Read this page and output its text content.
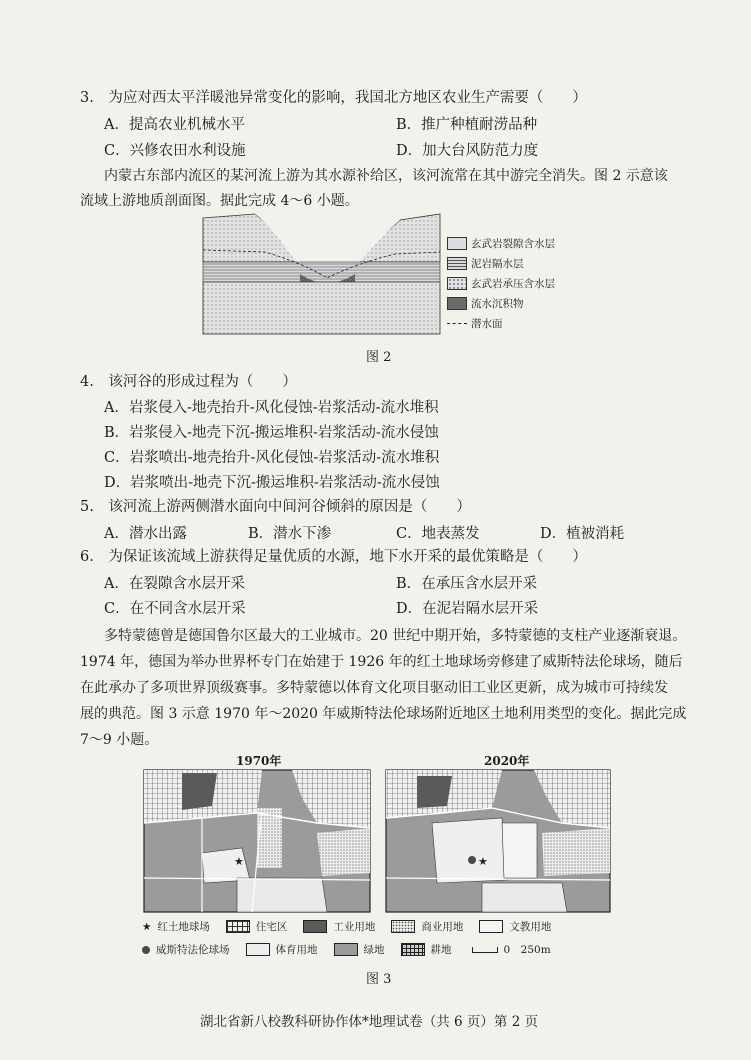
3.　为应对西太平洋暖池异常变化的影响，我国北方地区农业生产需要（　　）
A．提高农业机械水平	B．推广种植耐涝品种
C．兴修农田水利设施	D．加大台风防范力度
内蒙古东部内流区的某河流上游为其水源补给区，该河流常在其中游完全消失。图 2 示意该
流域上游地质剖面图。据此完成 4～6 小题。
玄武岩裂隙含水层
泥岩隔水层
玄武岩承压含水层
流水沉积物
潜水面
图 2
4.　该河谷的形成过程为（　　）
A．岩浆侵入-地壳抬升-风化侵蚀-岩浆活动-流水堆积
B．岩浆侵入-地壳下沉-搬运堆积-岩浆活动-流水侵蚀
C．岩浆喷出-地壳抬升-风化侵蚀-岩浆活动-流水堆积
D．岩浆喷出-地壳下沉-搬运堆积-岩浆活动-流水侵蚀
5.　该河流上游两侧潜水面向中间河谷倾斜的原因是（　　）
A．潜水出露	B．潜水下渗	C．地表蒸发	D．植被消耗
6.　为保证该流域上游获得足量优质的水源，地下水开采的最优策略是（　　）
A．在裂隙含水层开采	B．在承压含水层开采
C．在不同含水层开采	D．在泥岩隔水层开采
多特蒙德曾是德国鲁尔区最大的工业城市。20 世纪中期开始，多特蒙德的支柱产业逐渐衰退。
1974 年，德国为举办世界杯专门在始建于 1926 年的红土地球场旁修建了威斯特法伦球场，随后
在此承办了多项世界顶级赛事。多特蒙德以体育文化项目驱动旧工业区更新，成为城市可持续发
展的典范。图 3 示意 1970 年～2020 年威斯特法伦球场附近地区土地利用类型的变化。据此完成
7～9 小题。
1970年	2020年
★	★
★ 红土地球场	住宅区	工业用地	商业用地	文教用地
威斯特法伦球场	体育用地	绿地	耕地	0　250m
图 3
湖北省新八校教科研协作体*地理试卷（共 6 页）第 2 页
